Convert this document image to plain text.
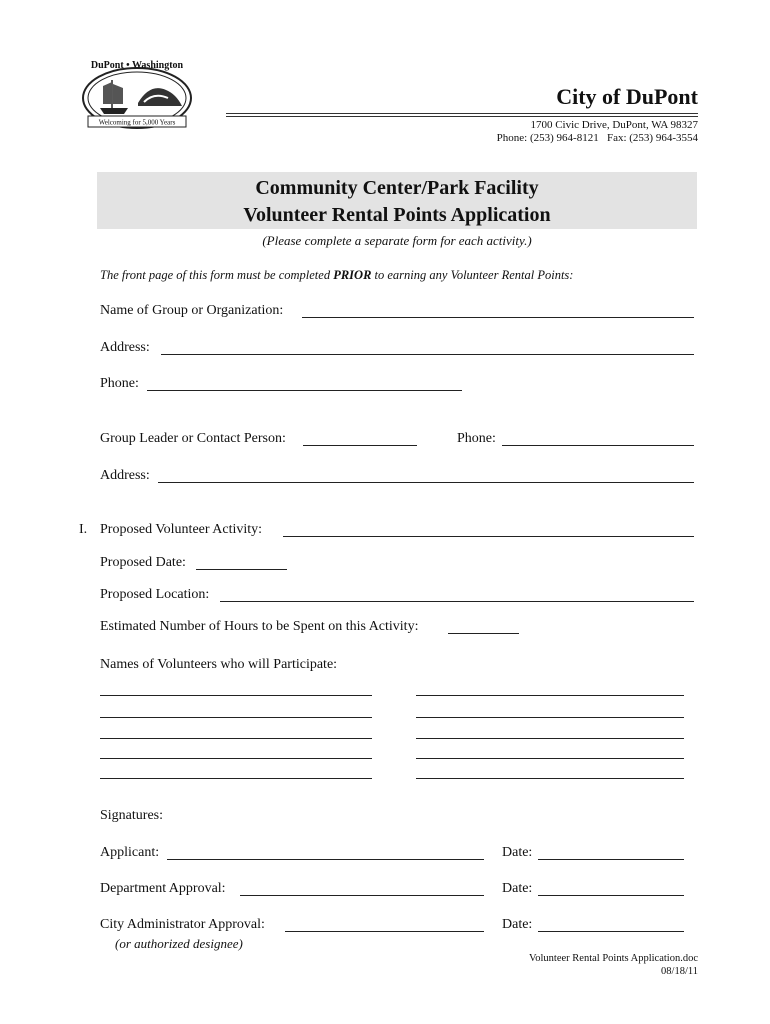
Welcoming for 5,000 Years
DuPont • Washington
City of DuPont
1700 Civic Drive, DuPont, WA 98327
Phone: (253) 964-8121   Fax: (253) 964-3554
Community Center/Park Facility
Volunteer Rental Points Application
(Please complete a separate form for each activity.)
The front page of this form must be completed PRIOR to earning any Volunteer Rental Points:
Name of Group or Organization:
Address:
Phone:
Group Leader or Contact Person:	Phone:
Address:
I. Proposed Volunteer Activity:
Proposed Date:
Proposed Location:
Estimated Number of Hours to be Spent on this Activity:
Names of Volunteers who will Participate:
Signatures:
Applicant:	Date:
Department Approval:	Date:
City Administrator Approval:	Date:
(or authorized designee)
Volunteer Rental Points Application.doc
08/18/11
